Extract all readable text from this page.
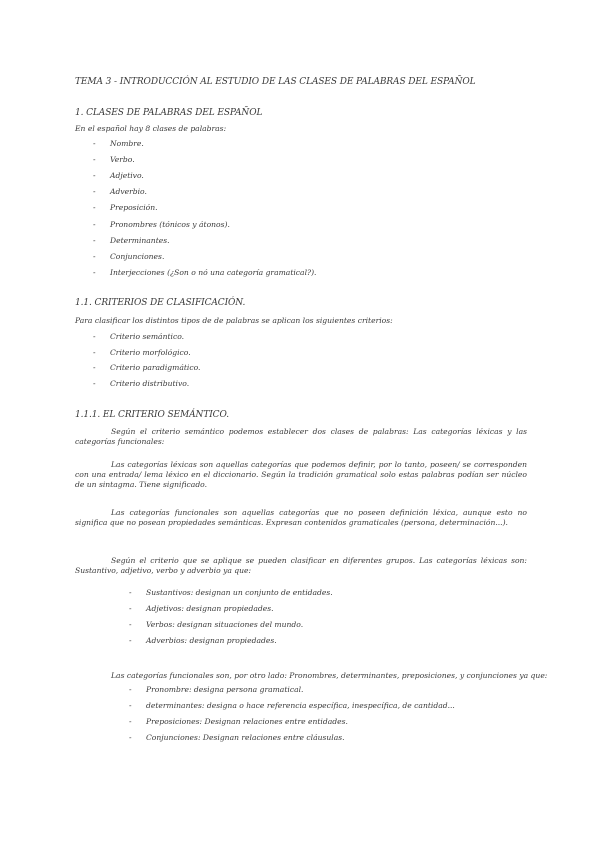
TEMA 3 - INTRODUCCIÓN AL ESTUDIO DE LAS CLASES DE PALABRAS DEL ESPAÑOL
1. CLASES DE PALABRAS DEL ESPAÑOL
En el español hay 8 clases de palabras:
- Nombre.
- Verbo.
- Adjetivo.
- Adverbio.
- Preposición.
- Pronombres (tónicos y átonos).
- Determinantes.
- Conjunciones.
- Interjecciones (¿Son o nó una categoría gramatical?).
1.1. CRITERIOS DE CLASIFICACIÓN.
Para clasificar los distintos tipos de de palabras se aplican los siguientes criterios:
- Criterio semántico.
- Criterio morfológico.
- Criterio paradigmático.
- Criterio distributivo.
1.1.1. EL CRITERIO SEMÁNTICO.
Según el criterio semántico podemos establecer dos clases de palabras: Las categorías léxicas y las categorías funcionales:
Las categorías léxicas son aquellas categorías que podemos definir, por lo tanto, poseen/ se corresponden con una entrada/ lema léxico en el diccionario. Según la tradición gramatical solo estas palabras podían ser núcleo de un sintagma. Tiene significado.
Las categorías funcionales son aquellas categorías que no poseen definición léxica, aunque esto no significa que no posean propiedades semánticas. Expresan contenidos gramaticales (persona, determinación...).
Según el criterio que se aplique se pueden clasificar en diferentes grupos. Las categorías léxicas son: Sustantivo, adjetivo, verbo y adverbio ya que:
- Sustantivos: designan un conjunto de entidades.
- Adjetivos: designan propiedades.
- Verbos: designan situaciones del mundo.
- Adverbios: designan propiedades.
Las categorías funcionales son, por otro lado: Pronombres, determinantes, preposiciones, y conjunciones ya que:
- Pronombre: designa persona gramatical.
- determinantes: designa o hace referencia específica, inespecífica, de cantidad...
- Preposiciones: Designan relaciones entre entidades.
- Conjunciones: Designan relaciones entre cláusulas.
